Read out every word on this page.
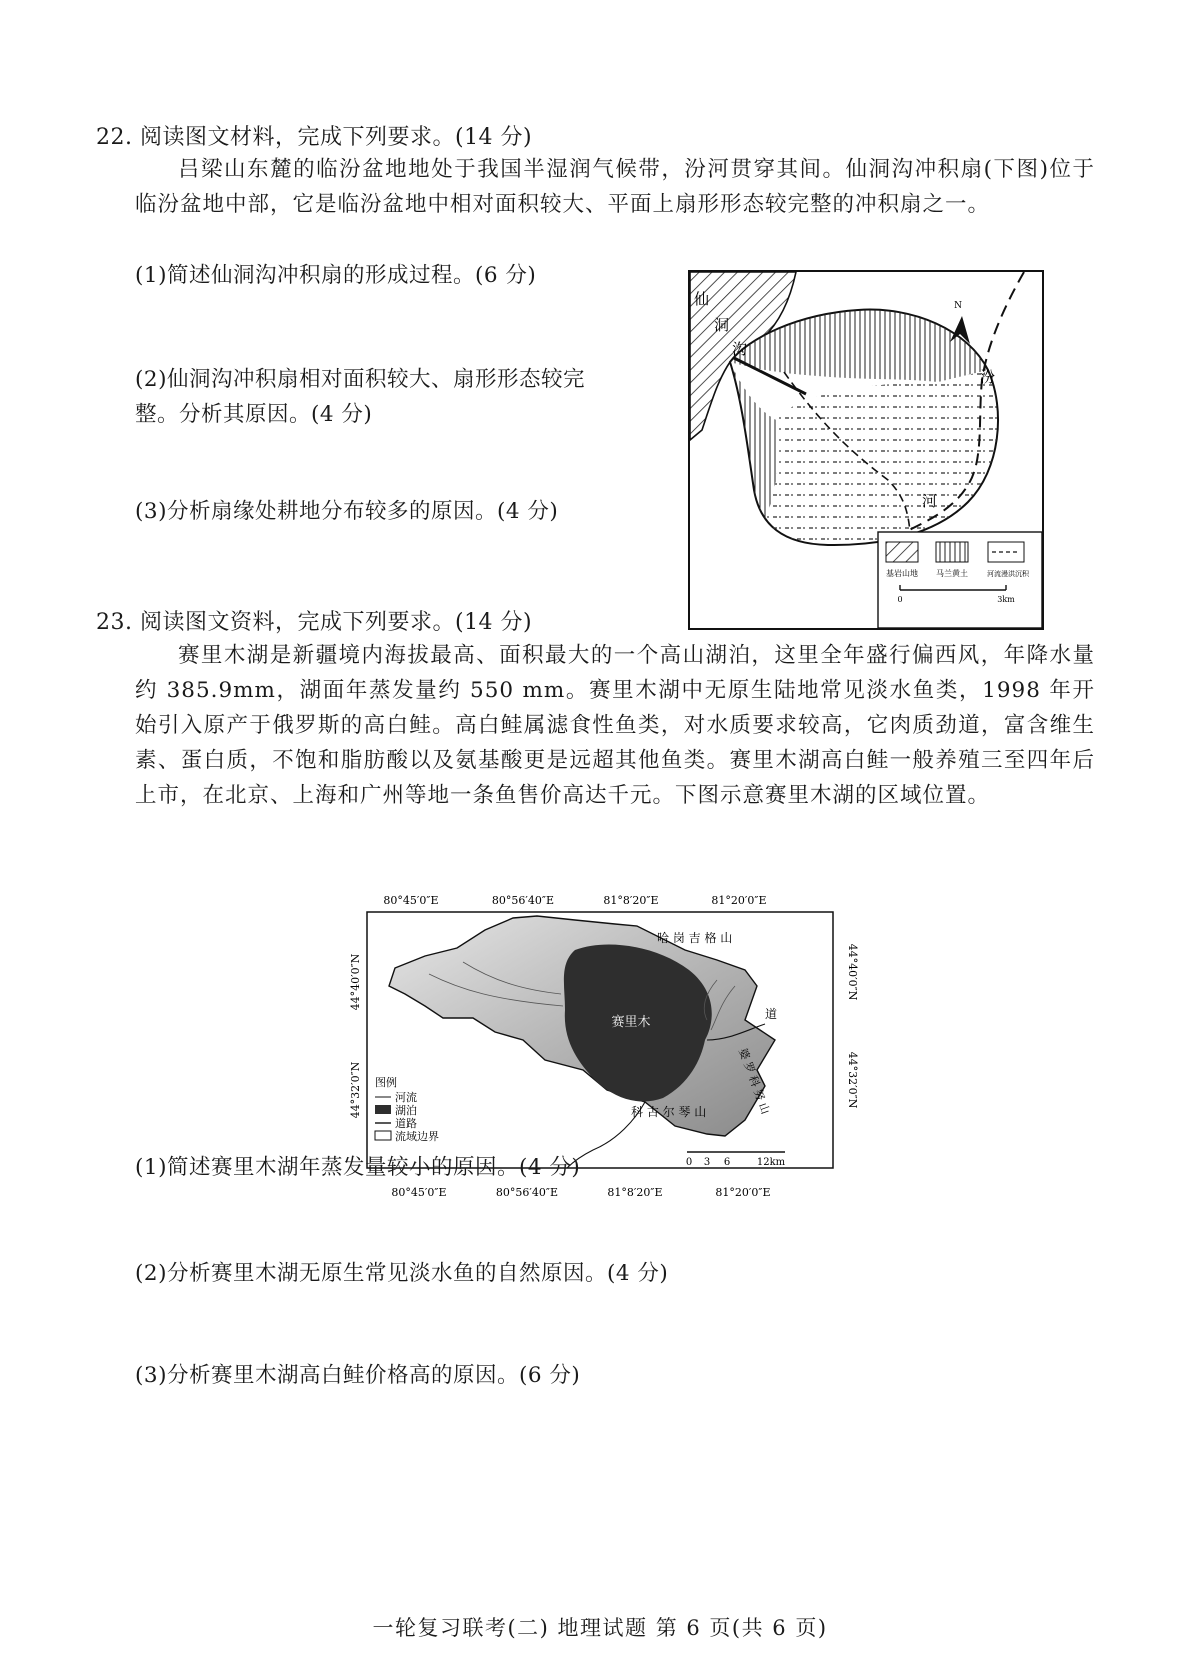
22. 阅读图文材料，完成下列要求。(14 分)
吕梁山东麓的临汾盆地地处于我国半湿润气候带，汾河贯穿其间。仙洞沟冲积扇(下图)位于临汾盆地中部，它是临汾盆地中相对面积较大、平面上扇形形态较完整的冲积扇之一。
(1)简述仙洞沟冲积扇的形成过程。(6 分)
(2)仙洞沟冲积扇相对面积较大、扇形形态较完
整。分析其原因。(4 分)
(3)分析扇缘处耕地分布较多的原因。(4 分)
N
仙
洞
沟
汾
河
基岩山地 马兰黄土	河流漫洪沉积
0	3km
23. 阅读图文资料，完成下列要求。(14 分)
赛里木湖是新疆境内海拔最高、面积最大的一个高山湖泊，这里全年盛行偏西风，年降水量约 385.9mm，湖面年蒸发量约 550 mm。赛里木湖中无原生陆地常见淡水鱼类，1998 年开始引入原产于俄罗斯的高白鲑。高白鲑属滤食性鱼类，对水质要求较高，它肉质劲道，富含维生素、蛋白质，不饱和脂肪酸以及氨基酸更是远超其他鱼类。赛里木湖高白鲑一般养殖三至四年后上市，在北京、上海和广州等地一条鱼售价高达千元。下图示意赛里木湖的区域位置。
80°45′0″E	80°56′40″E	81°8′20″E	81°20′0″E
80°45′0″E	80°56′40″E	81°8′20″E	81°20′0″E
44°40′0″N
44°32′0″N
44°40′0″N
44°32′0″N
赛里木
哈 岗 吉 格 山
科 古 尔 琴 山	婆 罗 科 努 山
道
图例
河流
湖泊
道路
流域边界
0 3 6	12km
(1)简述赛里木湖年蒸发量较小的原因。(4 分)
(2)分析赛里木湖无原生常见淡水鱼的自然原因。(4 分)
(3)分析赛里木湖高白鲑价格高的原因。(6 分)
一轮复习联考(二) 地理试题 第 6 页(共 6 页)
